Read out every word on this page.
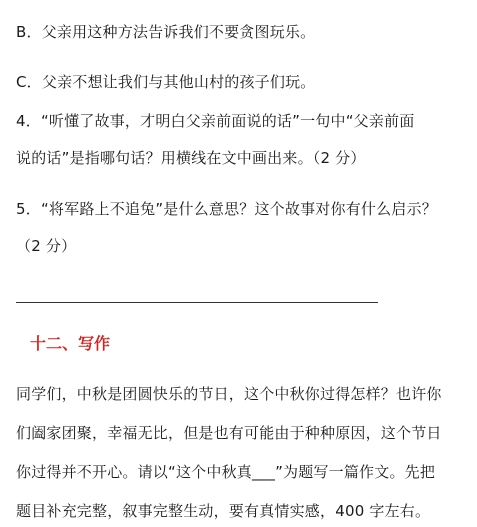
B．父亲用这种方法告诉我们不要贪图玩乐。
C．父亲不想让我们与其他山村的孩子们玩。
4．“听懂了故事，才明白父亲前面说的话”一句中“父亲前面
说的话”是指哪句话？用横线在文中画出来。（2 分）
5．“将军路上不追兔”是什么意思？这个故事对你有什么启示？
（2 分）
十二、写作
同学们，中秋是团圆快乐的节日，这个中秋你过得怎样？也许你
们阖家团聚，幸福无比，但是也有可能由于种种原因，这个节日
你过得并不开心。请以“这个中秋真___”为题写一篇作文。先把
题目补充完整，叙事完整生动，要有真情实感，400 字左右。
